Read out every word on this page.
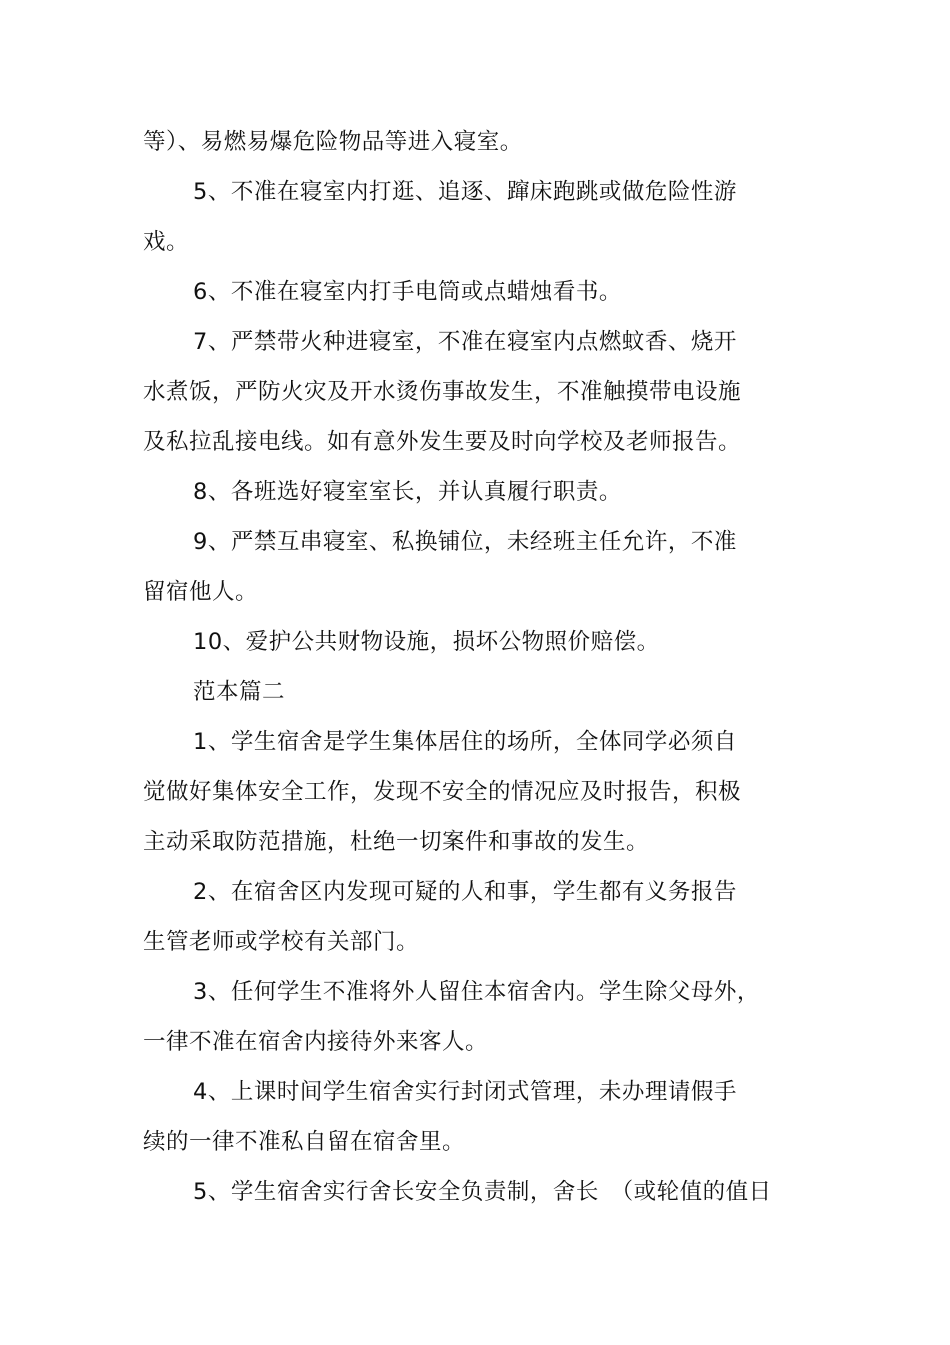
等）、易燃易爆危险物品等进入寝室。
5、不准在寝室内打逛、追逐、蹿床跑跳或做危险性游
戏。
6、不准在寝室内打手电筒或点蜡烛看书。
7、严禁带火种进寝室，不准在寝室内点燃蚊香、烧开
水煮饭，严防火灾及开水烫伤事故发生，不准触摸带电设施
及私拉乱接电线。如有意外发生要及时向学校及老师报告。
8、各班选好寝室室长，并认真履行职责。
9、严禁互串寝室、私换铺位，未经班主任允许，不准
留宿他人。
10、爱护公共财物设施，损坏公物照价赔偿。
范本篇二
1、学生宿舍是学生集体居住的场所，全体同学必须自
觉做好集体安全工作，发现不安全的情况应及时报告，积极
主动采取防范措施，杜绝一切案件和事故的发生。
2、在宿舍区内发现可疑的人和事，学生都有义务报告
生管老师或学校有关部门。
3、任何学生不准将外人留住本宿舍内。学生除父母外，
一律不准在宿舍内接待外来客人。
4、上课时间学生宿舍实行封闭式管理，未办理请假手
续的一律不准私自留在宿舍里。
5、学生宿舍实行舍长安全负责制，舍长　（或轮值的值日
